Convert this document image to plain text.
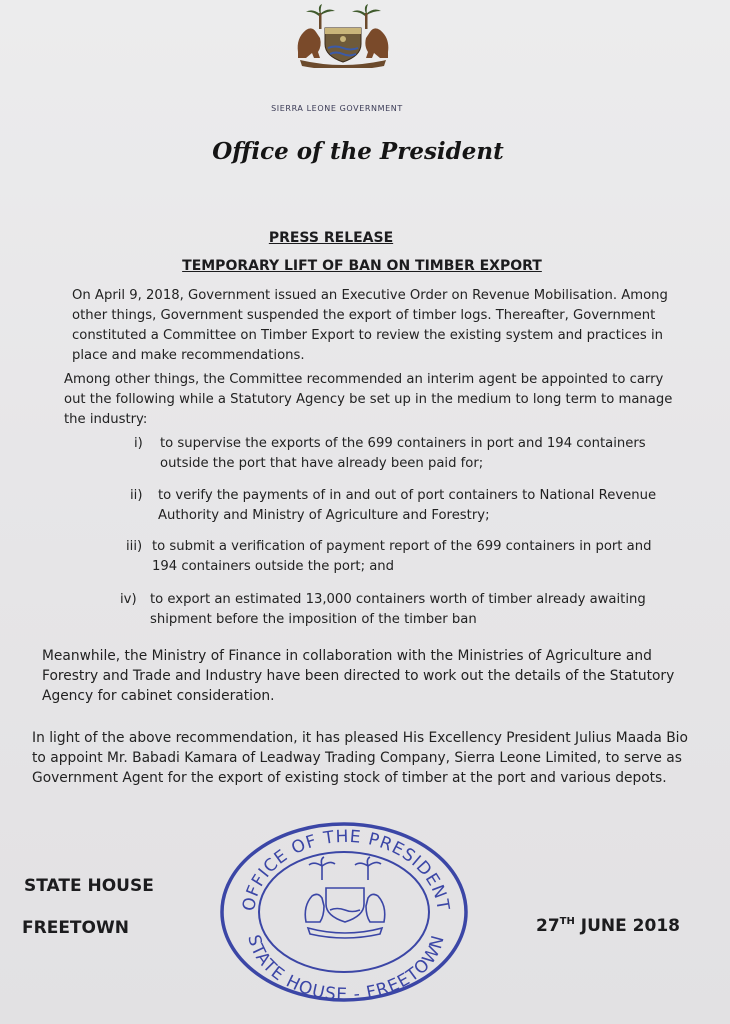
SIERRA LEONE GOVERNMENT
Office of the President
PRESS RELEASE
TEMPORARY LIFT OF BAN ON TIMBER EXPORT

On April 9, 2018, Government issued an Executive Order on Revenue Mobilisation. Among other things, Government suspended the export of timber logs. Thereafter, Government constituted a Committee on Timber Export to review the existing system and practices in place and make recommendations.

Among other things, the Committee recommended an interim agent be appointed to carry out the following while a Statutory Agency be set up in the medium to long term to manage the industry:

i)	to supervise the exports of the 699 containers in port and 194 containers outside the port that have already been paid for;
ii)	to verify the payments of in and out of port containers to National Revenue Authority and Ministry of Agriculture and Forestry;
iii) to submit a verification of payment report of the 699 containers in port and 194 containers outside the port; and
iv)	to export an estimated 13,000 containers worth of timber already awaiting shipment before the imposition of the timber ban

Meanwhile, the Ministry of Finance in collaboration with the Ministries of Agriculture and Forestry and Trade and Industry have been directed to work out the details of the Statutory Agency for cabinet consideration.

In light of the above recommendation, it has pleased His Excellency President Julius Maada Bio to appoint Mr. Babadi Kamara of Leadway Trading Company, Sierra Leone Limited, to serve as Government Agent for the export of existing stock of timber at the port and various depots.

STATE HOUSE
FREETOWN
OFFICE OF THE PRESIDENT
STATE HOUSE - FREETOWN
27TH JUNE 2018
